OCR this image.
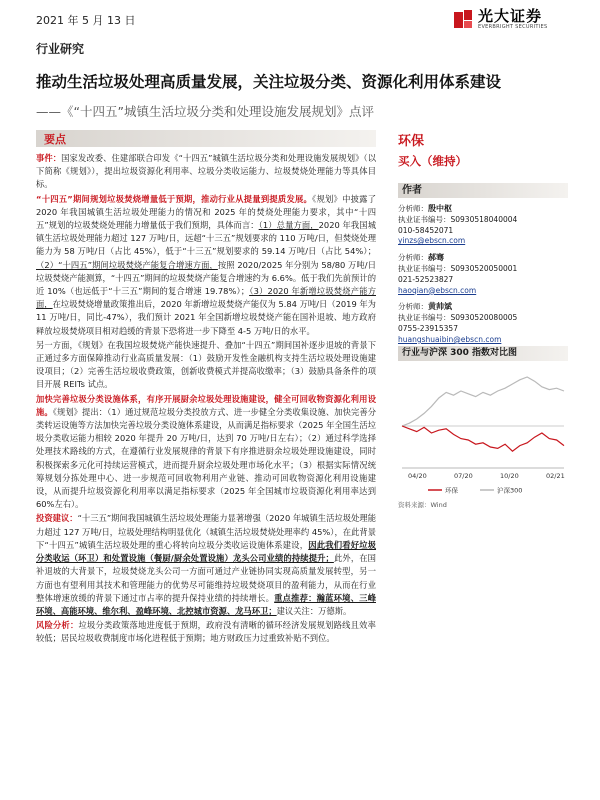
2021 年 5 月 13 日	光大证券
EVERBRIGHT SECURITIES
行业研究
推动生活垃圾处理高质量发展，关注垃圾分类、资源化利用体系建设
——《“十四五”城镇生活垃圾分类和处理设施发展规划》点评
要点

事件：国家发改委、住建部联合印发《“十四五”城镇生活垃圾分类和处理设施发展规划》（以下简称《规划》），提出垃圾资源化利用率、垃圾分类收运能力、垃圾焚烧处理能力等具体目标。

“十四五”期间规划垃圾焚烧增量低于预期，推动行业从提量到提质发展。《规划》中披露了 2020 年我国城镇生活垃圾处理能力的情况和 2025 年的焚烧处理能力要求，其中“十四五”规划的垃圾焚烧处理能力增量低于我们预期，具体而言：（1）总量方面，2020 年我国城镇生活垃圾处理能力超过 127 万吨/日，远超“十三五”规划要求的 110 万吨/日，但焚烧处理能力为 58 万吨/日（占比 45%），低于“十三五”规划要求的 59.14 万吨/日（占比 54%）；（2）“十四五”期间垃圾焚烧产能复合增速方面，按照 2020/2025 年分别为 58/80 万吨/日垃圾焚烧产能测算，“十四五”期间的垃圾焚烧产能复合增速约为 6.6%。低于我们先前预计的近 10%（也远低于“十三五”期间的复合增速 19.78%）；（3）2020 年新增垃圾焚烧产能方面，在垃圾焚烧增量政策推出后，2020 年新增垃圾焚烧产能仅为 5.84 万吨/日（2019 年为 11 万吨/日，同比-47%），我们预计 2021 年全国新增垃圾焚烧产能在国补退坡、地方政府释放垃圾焚烧项目相对趋缓的背景下恐将进一步下降至 4-5 万吨/日的水平。

另一方面，《规划》在我国垃圾焚烧产能快速提升、叠加“十四五”期间国补逐步退坡的背景下正通过多方面保障推动行业高质量发展：（1）鼓励开发性金融机构支持生活垃圾处理设施建设项目；（2）完善生活垃圾收费政策，创新收费模式并提高收缴率；（3）鼓励具备条件的项目开展 REITs 试点。

加快完善垃圾分类设施体系，有序开展厨余垃圾处理设施建设，健全可回收物资源化利用设施。《规划》提出：（1）通过规范垃圾分类投放方式、进一步健全分类收集设施、加快完善分类转运设施等方法加快完善垃圾分类设施体系建设，从而满足指标要求（2025 年全国生活垃圾分类收运能力相较 2020 年提升 20 万吨/日，达到 70 万吨/日左右）；（2）通过科学选择处理技术路线的方式，在遵循行业发展规律的背景下有序推进厨余垃圾处理设施建设，同时积极探索多元化可持续运营模式，进而提升厨余垃圾处理市场化水平；（3）根据实际情况统筹规划分拣处理中心、进一步规范可回收物利用产业链、推动可回收物资源化利用设施建设，从而提升垃圾资源化利用率以满足指标要求（2025 年全国城市垃圾资源化利用率达到 60%左右）。

投资建议：“十三五”期间我国城镇生活垃圾处理能力显著增强（2020 年城镇生活垃圾处理能力超过 127 万吨/日，垃圾处理结构明显优化（城镇生活垃圾焚烧处理率约 45%），在此背景下“十四五”城镇生活垃圾处理的重心将转向垃圾分类收运设施体系建设，因此我们看好垃圾分类收运（环卫）和处置设施（餐厨/厨余处置设施）龙头公司业绩的持续提升；此外，在国补退坡的大背景下，垃圾焚烧龙头公司一方面可通过产业链协同实现高质量发展转型，另一方面也有望利用其技术和管理能力的优势尽可能维持垃圾焚烧项目的盈利能力，从而在行业整体增速放缓的背景下通过市占率的提升保持业绩的持续增长。重点推荐：瀚蓝环境、三峰环境、高能环境、维尔利、盈峰环境、北控城市资源、龙马环卫；建议关注：万德斯。

风险分析：垃圾分类政策落地进度低于预期，政府没有清晰的循环经济发展规划路线且效率较低；居民垃圾收费制度市场化进程低于预期；地方财政压力过重致补贴不到位。

环保
买入（维持）
作者
分析师：殷中枢
执业证书编号：S0930518040004
010-58452071
yinzs@ebscn.com
分析师：郝骞
执业证书编号：S0930520050001
021-52523827
haoqian@ebscn.com
分析师：黄帅斌
执业证书编号：S0930520080005
0755-23915357
huangshuaibin@ebscn.com
行业与沪深 300 指数对比图
04/20	07/20	10/20	02/21
环保	沪深300
资料来源：Wind
